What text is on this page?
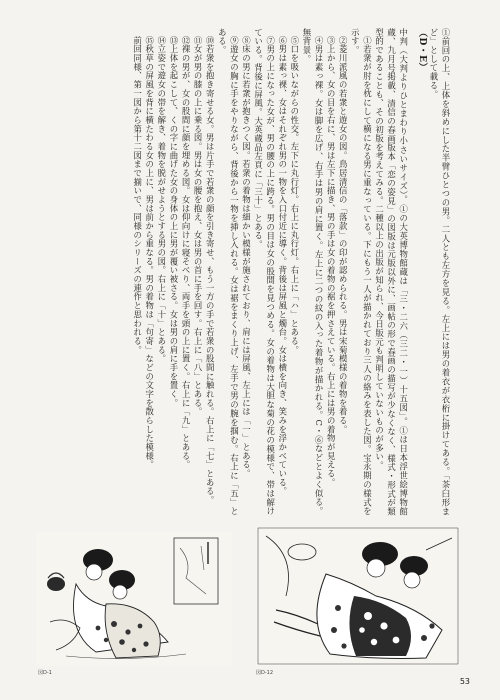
①前回の上、上体を斜めにした半臂ひとつの男。二人とも左方を見る。左上には男の着衣が衣桁に掛けてある。「茶臼形まど」として載る。

（D・E）

中判（大判よりひとまわり小さいサイズ）。①の大英博物館蔵は「三・二六（三二・一）十五図」。①は日本浮世絵博物館蔵、九月号掲載、清信の春画版本「恋の姿見」の図版は元版以外に、画帖の形で春画の描写が少なくなく、様式・形式が類型的であることも、その初版を考えてみる。二種以上の出版が知られ、今日版元も判明していないものが多い。

①若衆が肘を枕にして横になる男に重なっている。下にもう一人が描かれており三人の絡みを表した図。宝永期の様式を示す。

②菱川派風の若衆と遊女の図。鳥居清信の「落款」の印が認められる。男は宋菊模様の着物を着る。

③上から、女の目を右に、男は左下に描き、男の手は女の着物の裾を押さえている。右上には男の着物が見える。

④男は素っ裸。女は脚を広げ、右手は男の肩に置く。左上に二つの紋の入った着物が描かれる。C・⑥などとよく似る。無背景。

⑤口を吸いながらの性交。左下に丸行灯。右上に丸行灯。右上に「ハ」とある。

⑥男は素っ裸、女はそれぞれ男の一物を入口付近に導く。背後は屏風と燭台。女は横を向き、笑みを浮かべている。

⑦男の上になった女が、男の腰の上に跨る。男の目は女の股間を見つめる。女の着物は大胆な菊の花の模様で、帯は解けている。背後に屏風。大英蔵品左頁に「三十」とある。

⑧床の男に若衆が抱きつく図。若衆の着物は細かい模様が施されており、肩には屏風、左上には「一」とある。

⑨遊女の胸に手をやりながら、背後から一物を挿し入れる。女は裾をまくり上げ、左手で男の腕を掴む。右上に「五」とある。

⑩若衆を抱き寄せる女。男は片手で若衆の顔を引き寄せ、もう一方の手で若衆の股間に触れる。右上に「七」とある。

⑪女が男の膝の上に乗る図。男は女の腰を抱え、女は男の首に手を回す。右上に「八」とある。

⑫裸の男が、女の股間に顔を埋める図。女は仰向けに寝そべり、両手を頭の上に置く。右上に「九」とある。

⑬上体を起こして、くの字に曲げた女の身体の上に男が覆い被さる。女は男の肩に手を置く。

⑭立姿で遊女の帯を解き、着物を脱がせようとする男の図。右上に「十」とある。

⑮秋草の屏風を背に横たわる女の上に、男は前から重なる。男の着物は「句寄」などの文字を散らした模様。

前回同様、第一図から第十二図まで揃いで、同様のシリーズの連作と思われる。

図D-1	図D-12
53
